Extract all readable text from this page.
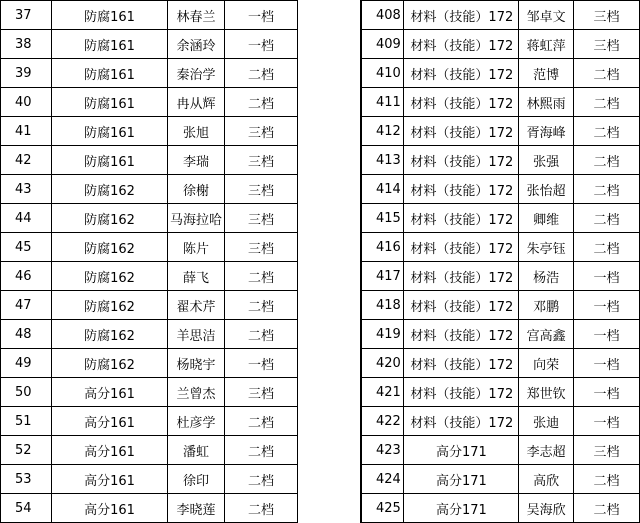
37	防腐161	林春兰	一档
38	防腐161	余涵玲	一档
39	防腐161	秦治学	二档
40	防腐161	冉从辉	二档
41	防腐161	张旭	三档
42	防腐161	李瑞	三档
43	防腐162	徐榭	三档
44	防腐162	马海拉哈	三档
45	防腐162	陈片	三档
46	防腐162	薛飞	二档
47	防腐162	翟术芹	二档
48	防腐162	羊思洁	二档
49	防腐162	杨晓宇	一档
50	高分161	兰曾杰	三档
51	高分161	杜彦学	二档
52	高分161	潘虹	二档
53	高分161	徐印	二档
54	高分161	李晓莲	二档
408	材料（技能）172	邹卓文	三档
409	材料（技能）172	蒋虹萍	三档
410	材料（技能）172	范博	二档
411	材料（技能）172	林熙雨	二档
412	材料（技能）172	胥海峰	二档
413	材料（技能）172	张强	二档
414	材料（技能）172	张怡超	二档
415	材料（技能）172	卿维	二档
416	材料（技能）172	朱亭钰	二档
417	材料（技能）172	杨浩	一档
418	材料（技能）172	邓鹏	一档
419	材料（技能）172	宫高鑫	一档
420	材料（技能）172	向荣	一档
421	材料（技能）172	郑世钦	一档
422	材料（技能）172	张迪	一档
423	高分171	李志超	三档
424	高分171	高欣	二档
425	高分171	吴海欣	二档
